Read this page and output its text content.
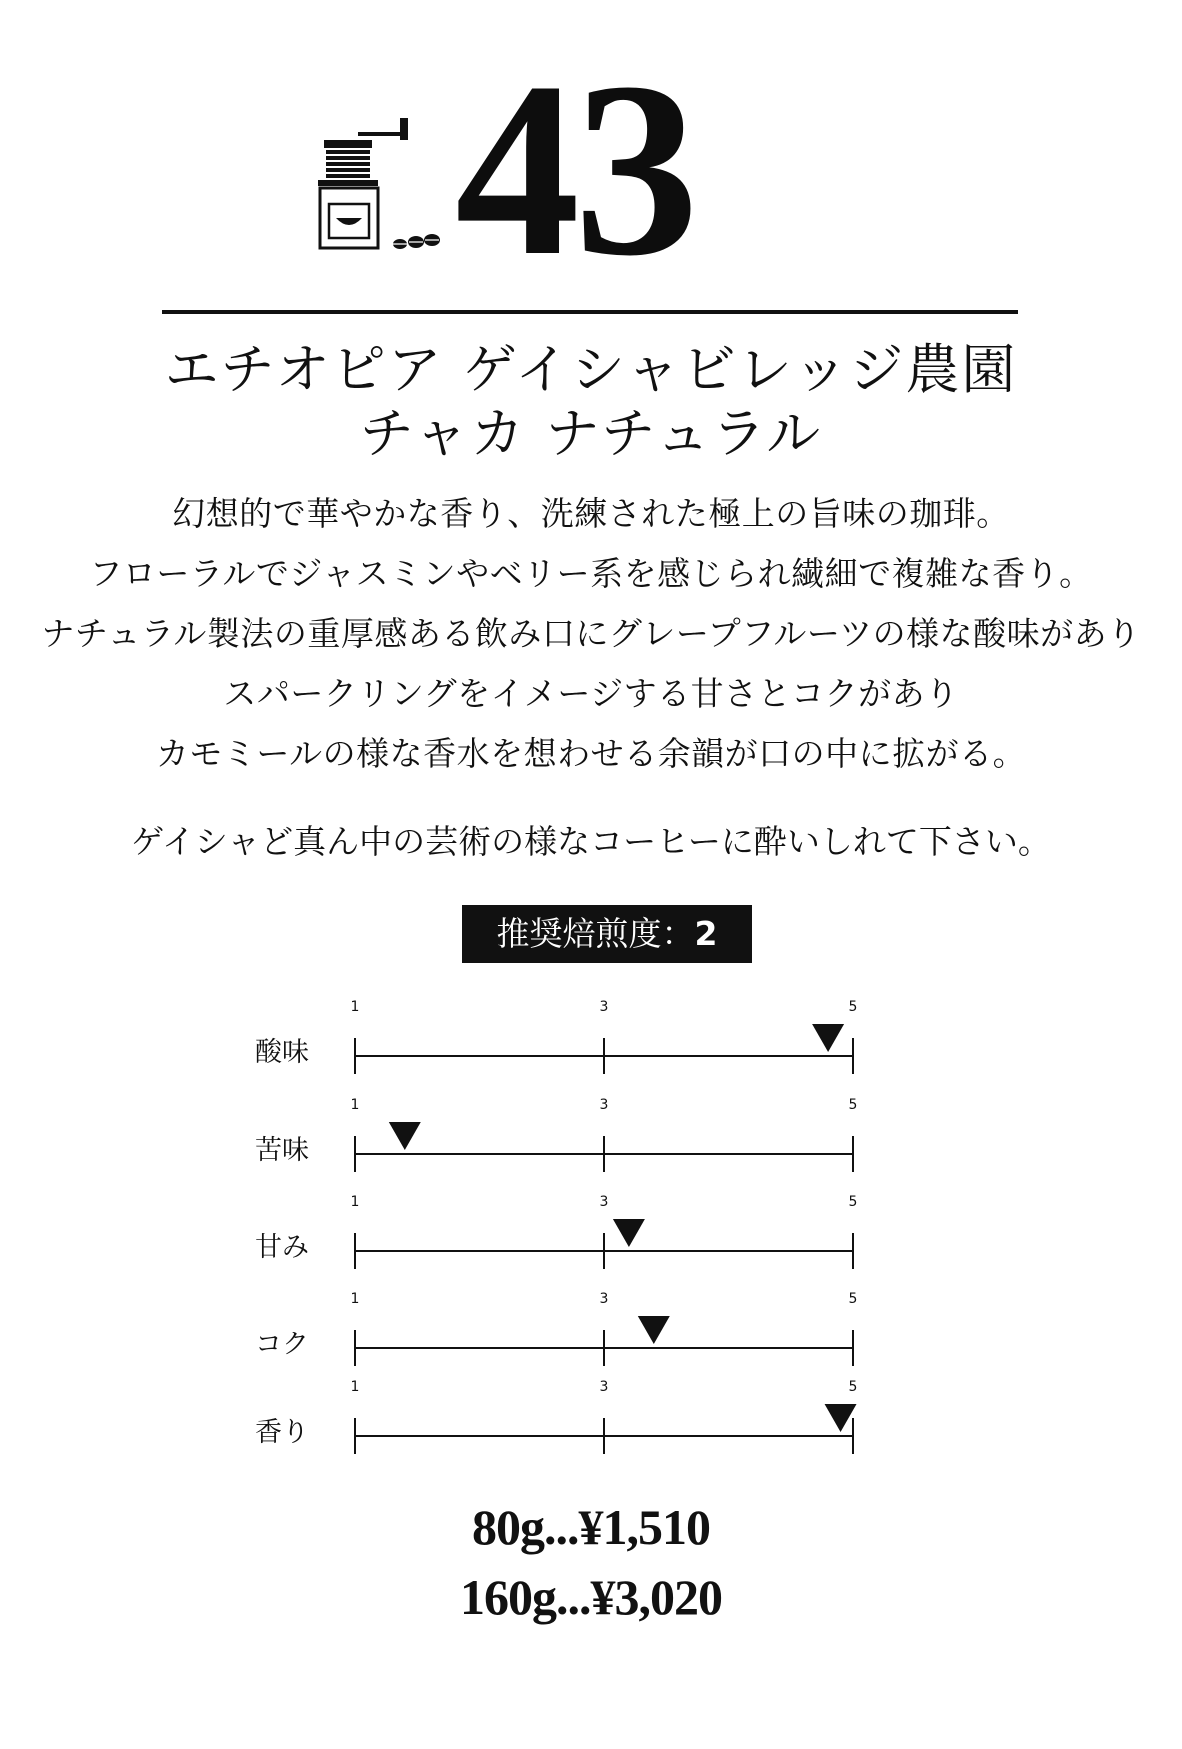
43
エチオピア ゲイシャビレッジ農園
チャカ ナチュラル
幻想的で華やかな香り、洗練された極上の旨味の珈琲。
フローラルでジャスミンやベリー系を感じられ繊細で複雑な香り。
ナチュラル製法の重厚感ある飲み口にグレープフルーツの様な酸味があり
スパークリングをイメージする甘さとコクがあり
カモミールの様な香水を想わせる余韻が口の中に拡がる。
ゲイシャど真ん中の芸術の様なコーヒーに酔いしれて下さい。
推奨焙煎度：2
酸味
1	3	5
苦味
1	3	5
甘み
1	3	5
コク
1	3	5
香り
1	3	5
80g...¥1,510
160g...¥3,020
